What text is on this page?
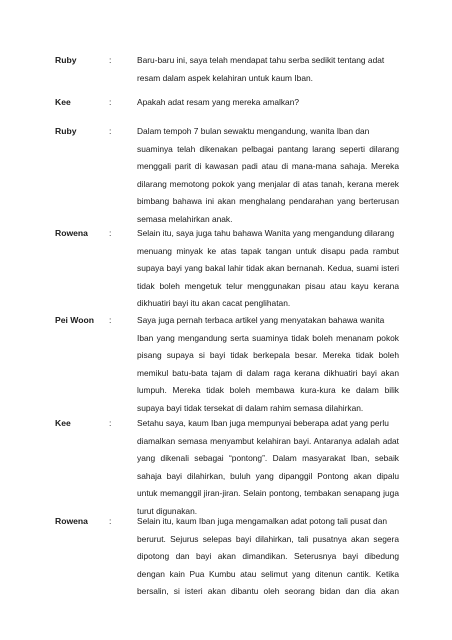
Ruby	:	Baru-baru ini, saya telah mendapat tahu serba sedikit tentang adat
resam dalam aspek kelahiran untuk kaum Iban.

Kee	:	Apakah adat resam yang mereka amalkan?

Ruby	:	Dalam tempoh 7 bulan sewaktu mengandung, wanita Iban dan
suaminya telah dikenakan pelbagai pantang larang seperti dilarang
menggali parit di kawasan padi atau di mana-mana sahaja. Mereka
dilarang memotong pokok yang menjalar di atas tanah, kerana merek
bimbang bahawa ini akan menghalang pendarahan yang berterusan
semasa melahirkan anak.

Rowena :	Selain itu, saya juga tahu bahawa Wanita yang mengandung dilarang
menuang minyak ke atas tapak tangan untuk disapu pada rambut
supaya bayi yang bakal lahir tidak akan bernanah. Kedua, suami isteri
tidak boleh mengetuk telur menggunakan pisau atau kayu kerana
dikhuatiri bayi itu akan cacat penglihatan.

Pei Woon :	Saya juga pernah terbaca artikel yang menyatakan bahawa wanita
Iban yang mengandung serta suaminya tidak boleh menanam pokok
pisang supaya si bayi tidak berkepala besar. Mereka tidak boleh
memikul batu-bata tajam di dalam raga kerana dikhuatiri bayi akan
lumpuh. Mereka tidak boleh membawa kura-kura ke dalam bilik
supaya bayi tidak tersekat di dalam rahim semasa dilahirkan.

Kee	:	Setahu saya, kaum Iban juga mempunyai beberapa adat yang perlu
diamalkan semasa menyambut kelahiran bayi. Antaranya adalah adat
yang dikenali sebagai “pontong”. Dalam masyarakat Iban, sebaik
sahaja bayi dilahirkan, buluh yang dipanggil Pontong akan dipalu
untuk memanggil jiran-jiran. Selain pontong, tembakan senapang juga
turut digunakan.

Rowena :	Selain itu, kaum Iban juga mengamalkan adat potong tali pusat dan
berurut. Sejurus selepas bayi dilahirkan, tali pusatnya akan segera
dipotong dan bayi akan dimandikan. Seterusnya bayi dibedung
dengan kain Pua Kumbu atau selimut yang ditenun cantik. Ketika
bersalin, si isteri akan dibantu oleh seorang bidan dan dia akan
